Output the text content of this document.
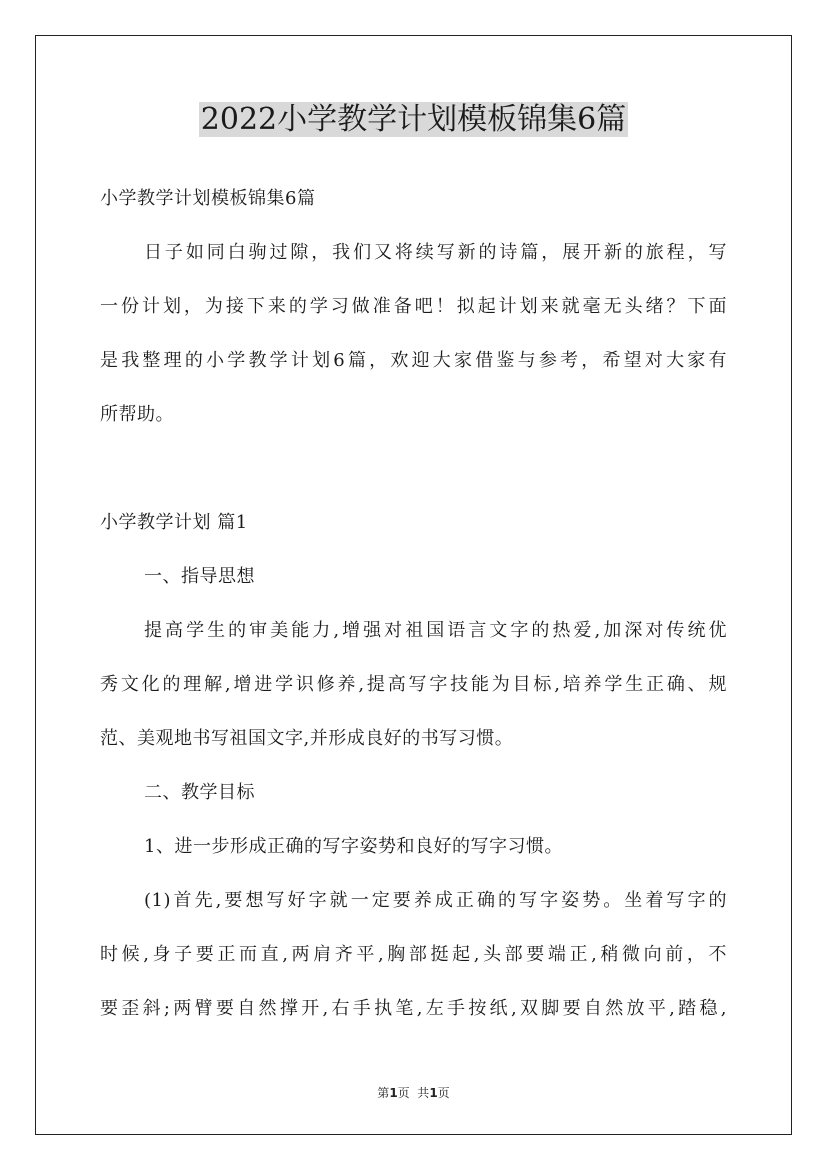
2022小学教学计划模板锦集6篇
小学教学计划模板锦集6篇
日子如同白驹过隙，我们又将续写新的诗篇，展开新的旅程，写
一份计划，为接下来的学习做准备吧！拟起计划来就毫无头绪？下面
是我整理的小学教学计划6篇，欢迎大家借鉴与参考，希望对大家有
所帮助。
小学教学计划 篇1
一、指导思想
提高学生的审美能力,增强对祖国语言文字的热爱,加深对传统优
秀文化的理解,增进学识修养,提高写字技能为目标,培养学生正确、规
范、美观地书写祖国文字,并形成良好的书写习惯。
二、教学目标
1、进一步形成正确的写字姿势和良好的写字习惯。
(1)首先,要想写好字就一定要养成正确的写字姿势。坐着写字的
时候,身子要正而直,两肩齐平,胸部挺起,头部要端正,稍微向前，不
要歪斜;两臂要自然撑开,右手执笔,左手按纸,双脚要自然放平,踏稳,
第1页  共1页
